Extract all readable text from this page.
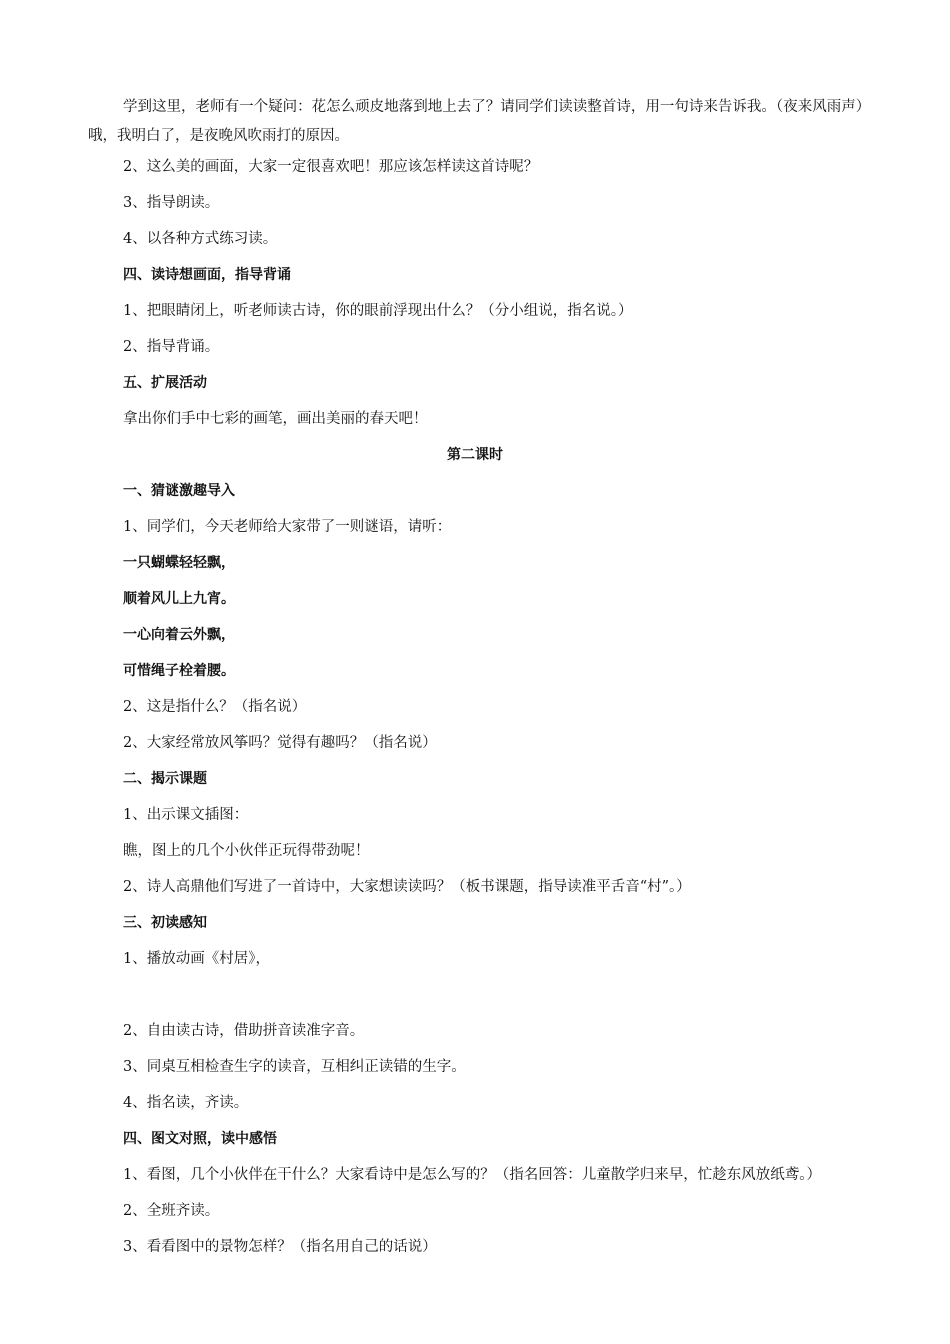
学到这里，老师有一个疑问：花怎么顽皮地落到地上去了？请同学们读读整首诗，用一句诗来告诉我。（夜来风雨声）哦，我明白了，是夜晚风吹雨打的原因。
2、这么美的画面，大家一定很喜欢吧！那应该怎样读这首诗呢？
3、指导朗读。
4、以各种方式练习读。
四、读诗想画面，指导背诵
1、把眼睛闭上，听老师读古诗，你的眼前浮现出什么？（分小组说，指名说。）
2、指导背诵。
五、扩展活动
拿出你们手中七彩的画笔，画出美丽的春天吧！
第二课时
一、猜谜激趣导入
1、同学们，今天老师给大家带了一则谜语，请听：
一只蝴蝶轻轻飘，
顺着风儿上九宵。
一心向着云外飘，
可惜绳子栓着腰。
2、这是指什么？（指名说）
2、大家经常放风筝吗？觉得有趣吗？（指名说）
二、揭示课题
1、出示课文插图：
瞧，图上的几个小伙伴正玩得带劲呢！
2、诗人高鼎他们写进了一首诗中，大家想读读吗？（板书课题，指导读准平舌音“村”。）
三、初读感知
1、播放动画《村居》，
2、自由读古诗，借助拼音读准字音。
3、同桌互相检查生字的读音，互相纠正读错的生字。
4、指名读，齐读。
四、图文对照，读中感悟
1、看图，几个小伙伴在干什么？大家看诗中是怎么写的？（指名回答：儿童散学归来早，忙趁东风放纸鸢。）
2、全班齐读。
3、看看图中的景物怎样？（指名用自己的话说）
